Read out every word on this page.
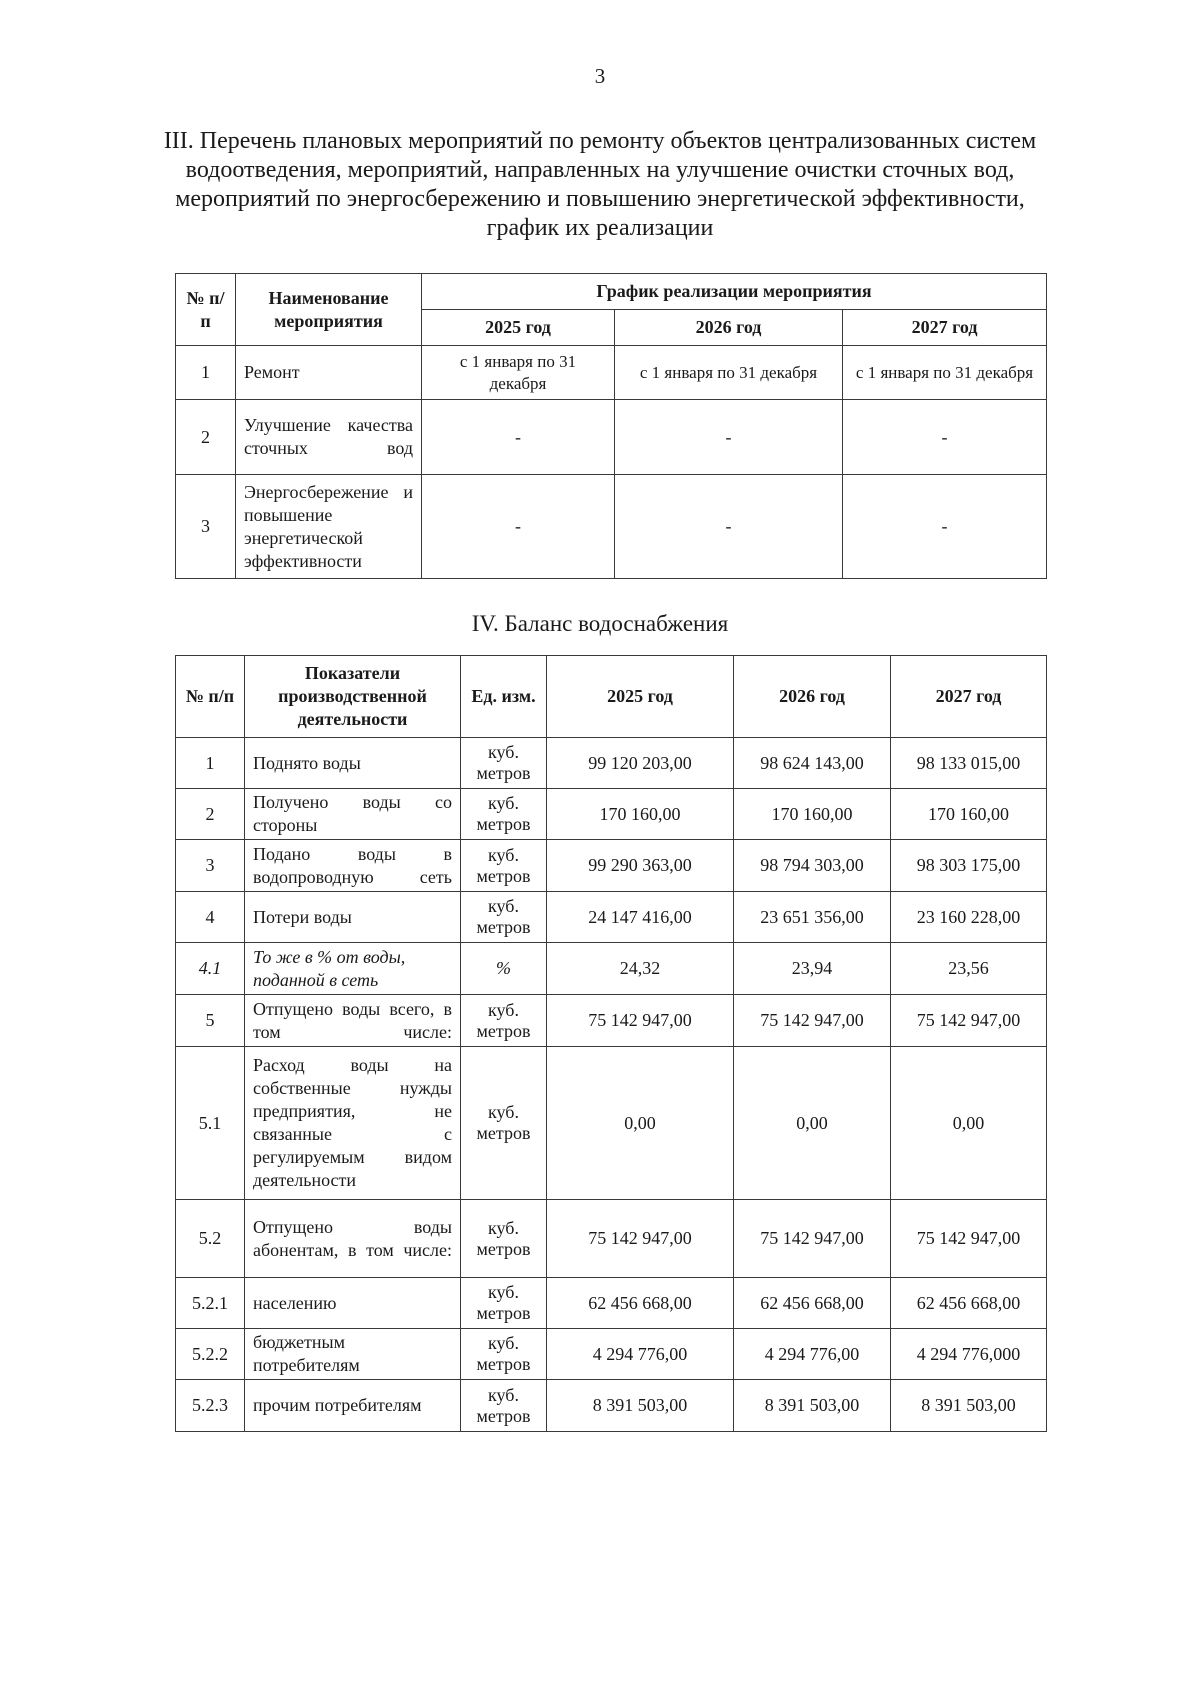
3
III. Перечень плановых мероприятий по ремонту объектов централизованных систем
водоотведения, мероприятий, направленных на улучшение очистки сточных вод,
мероприятий по энергосбережению и повышению энергетической эффективности,
график их реализации
№ п/п	Наименование мероприятия	График реализации мероприятия		
		2025 год	2026 год	2027 год
1	Ремонт	с 1 января по 31 декабря	с 1 января по 31 декабря	с 1 января по 31 декабря
2	Улучшение качества сточных вод	-	-	-
3	Энергосбережение и повышение энергетической эффективности	-	-	-
IV. Баланс водоснабжения
№ п/п	Показатели производственной деятельности	Ед. изм.	2025 год	2026 год	2027 год
1	Поднято воды	куб. метров	99 120 203,00	98 624 143,00	98 133 015,00
2	Получено воды со стороны	куб. метров	170 160,00	170 160,00	170 160,00
3	Подано воды в водопроводную сеть	куб. метров	99 290 363,00	98 794 303,00	98 303 175,00
4	Потери воды	куб. метров	24 147 416,00	23 651 356,00	23 160 228,00
4.1	То же в % от воды, поданной в сеть	%	24,32	23,94	23,56
5	Отпущено воды всего, в том числе:	куб. метров	75 142 947,00	75 142 947,00	75 142 947,00
5.1	Расход воды на собственные нужды предприятия, не связанные с регулируемым видом деятельности	куб. метров	0,00	0,00	0,00
5.2	Отпущено воды абонентам, в том числе:	куб. метров	75 142 947,00	75 142 947,00	75 142 947,00
5.2.1	населению	куб. метров	62 456 668,00	62 456 668,00	62 456 668,00
5.2.2	бюджетным потребителям	куб. метров	4 294 776,00	4 294 776,00	4 294 776,000
5.2.3	прочим потребителям	куб. метров	8 391 503,00	8 391 503,00	8 391 503,00
